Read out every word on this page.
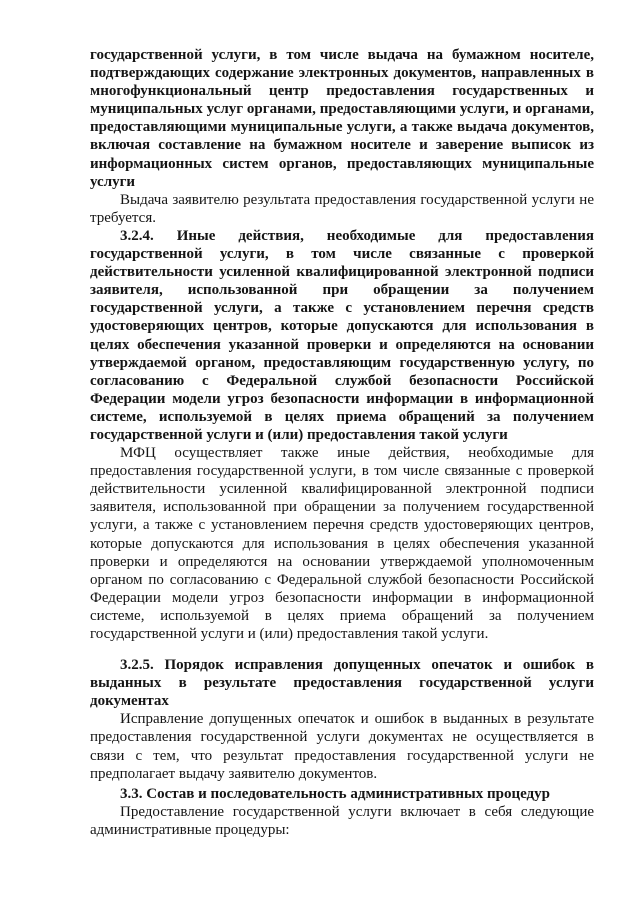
государственной услуги, в том числе выдача на бумажном носителе, подтверждающих содержание электронных документов, направленных в многофункциональный центр предоставления государственных и муниципальных услуг органами, предоставляющими услуги, и органами, предоставляющими муниципальные услуги, а также выдача документов, включая составление на бумажном носителе и заверение выписок из информационных систем органов, предоставляющих муниципальные услуги

Выдача заявителю результата предоставления государственной услуги не требуется.

3.2.4. Иные действия, необходимые для предоставления государственной услуги, в том числе связанные с проверкой действительности усиленной квалифицированной электронной подписи заявителя, использованной при обращении за получением государственной услуги, а также с установлением перечня средств удостоверяющих центров, которые допускаются для использования в целях обеспечения указанной проверки и определяются на основании утверждаемой органом, предоставляющим государственную услугу, по согласованию с Федеральной службой безопасности Российской Федерации модели угроз безопасности информации в информационной системе, используемой в целях приема обращений за получением государственной услуги и (или) предоставления такой услуги

МФЦ осуществляет также иные действия, необходимые для предоставления государственной услуги, в том числе связанные с проверкой действительности усиленной квалифицированной электронной подписи заявителя, использованной при обращении за получением государственной услуги, а также с установлением перечня средств удостоверяющих центров, которые допускаются для использования в целях обеспечения указанной проверки и определяются на основании утверждаемой уполномоченным органом по согласованию с Федеральной службой безопасности Российской Федерации модели угроз безопасности информации в информационной системе, используемой в целях приема обращений за получением государственной услуги и (или) предоставления такой услуги.

3.2.5. Порядок исправления допущенных опечаток и ошибок в выданных в результате предоставления государственной услуги документах

Исправление допущенных опечаток и ошибок в выданных в результате предоставления государственной услуги документах не осуществляется в связи с тем, что результат предоставления государственной услуги не предполагает выдачу заявителю документов.

3.3. Состав и последовательность административных процедур

Предоставление государственной услуги включает в себя следующие административные процедуры:
